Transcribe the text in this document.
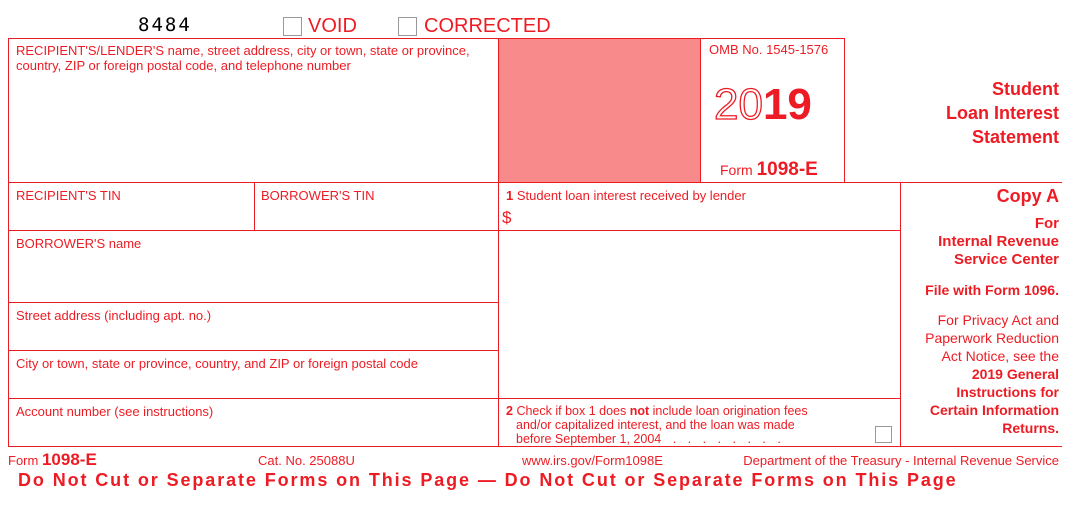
8484	VOID	CORRECTED
RECIPIENT'S/LENDER'S name, street address, city or town, state or province, country, ZIP or foreign postal code, and telephone number
OMB No. 1545-1576
2019
Form 1098-E
Student
Loan Interest
Statement
RECIPIENT'S TIN	BORROWER'S TIN	1 Student loan interest received by lender
$
BORROWER'S name
Street address (including apt. no.)
City or town, state or province, country, and ZIP or foreign postal code
Account number (see instructions)	2 Check if box 1 does not include loan origination fees
and/or capitalized interest, and the loan was made
before September 1, 2004 . . . . . . . .
Copy A
For
Internal Revenue
Service Center
File with Form 1096.
For Privacy Act and
Paperwork Reduction
Act Notice, see the
2019 General
Instructions for
Certain Information
Returns.
Form 1098-E	Cat. No. 25088U	www.irs.gov/Form1098E	Department of the Treasury - Internal Revenue Service
Do Not Cut or Separate Forms on This Page — Do Not Cut or Separate Forms on This Page
